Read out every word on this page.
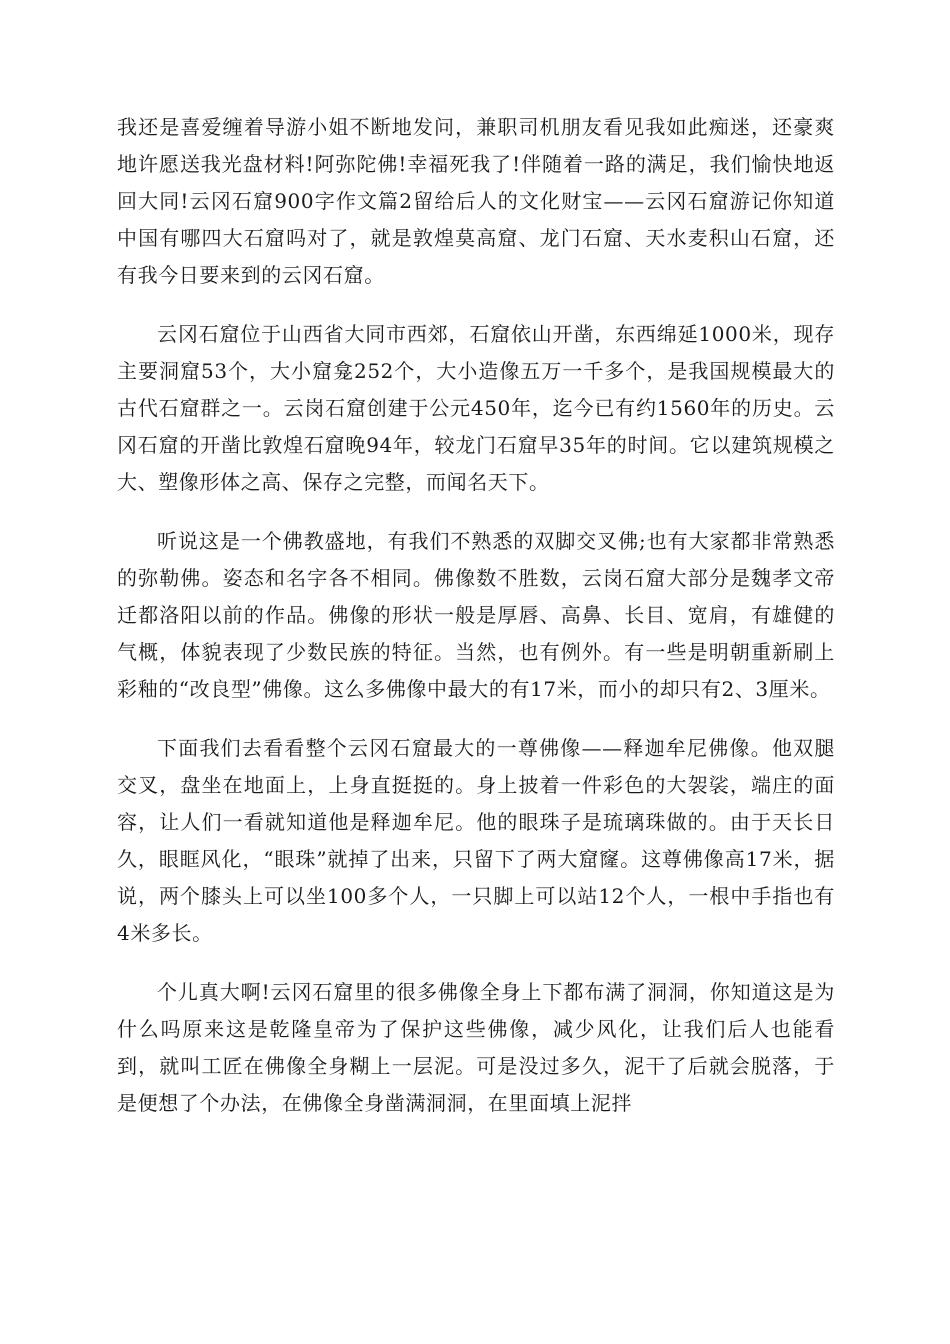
我还是喜爱缠着导游小姐不断地发问，兼职司机朋友看见我如此痴迷，还豪爽地许愿送我光盘材料!阿弥陀佛!幸福死我了!伴随着一路的满足，我们愉快地返回大同!云冈石窟900字作文篇2留给后人的文化财宝——云冈石窟游记你知道中国有哪四大石窟吗对了，就是敦煌莫高窟、龙门石窟、天水麦积山石窟，还有我今日要来到的云冈石窟。

云冈石窟位于山西省大同市西郊，石窟依山开凿，东西绵延1000米，现存主要洞窟53个，大小窟龛252个，大小造像五万一千多个，是我国规模最大的古代石窟群之一。云岗石窟创建于公元450年，迄今已有约1560年的历史。云冈石窟的开凿比敦煌石窟晚94年，较龙门石窟早35年的时间。它以建筑规模之大、塑像形体之高、保存之完整，而闻名天下。

听说这是一个佛教盛地，有我们不熟悉的双脚交叉佛;也有大家都非常熟悉的弥勒佛。姿态和名字各不相同。佛像数不胜数，云岗石窟大部分是魏孝文帝迁都洛阳以前的作品。佛像的形状一般是厚唇、高鼻、长目、宽肩，有雄健的气概，体貌表现了少数民族的特征。当然，也有例外。有一些是明朝重新刷上彩釉的“改良型”佛像。这么多佛像中最大的有17米，而小的却只有2、3厘米。

下面我们去看看整个云冈石窟最大的一尊佛像——释迦牟尼佛像。他双腿交叉，盘坐在地面上，上身直挺挺的。身上披着一件彩色的大袈裟，端庄的面容，让人们一看就知道他是释迦牟尼。他的眼珠子是琉璃珠做的。由于天长日久，眼眶风化，“眼珠”就掉了出来，只留下了两大窟窿。这尊佛像高17米，据说，两个膝头上可以坐100多个人，一只脚上可以站12个人，一根中手指也有4米多长。

个儿真大啊!云冈石窟里的很多佛像全身上下都布满了洞洞，你知道这是为什么吗原来这是乾隆皇帝为了保护这些佛像，减少风化，让我们后人也能看到，就叫工匠在佛像全身糊上一层泥。可是没过多久，泥干了后就会脱落，于是便想了个办法，在佛像全身凿满洞洞，在里面填上泥拌
